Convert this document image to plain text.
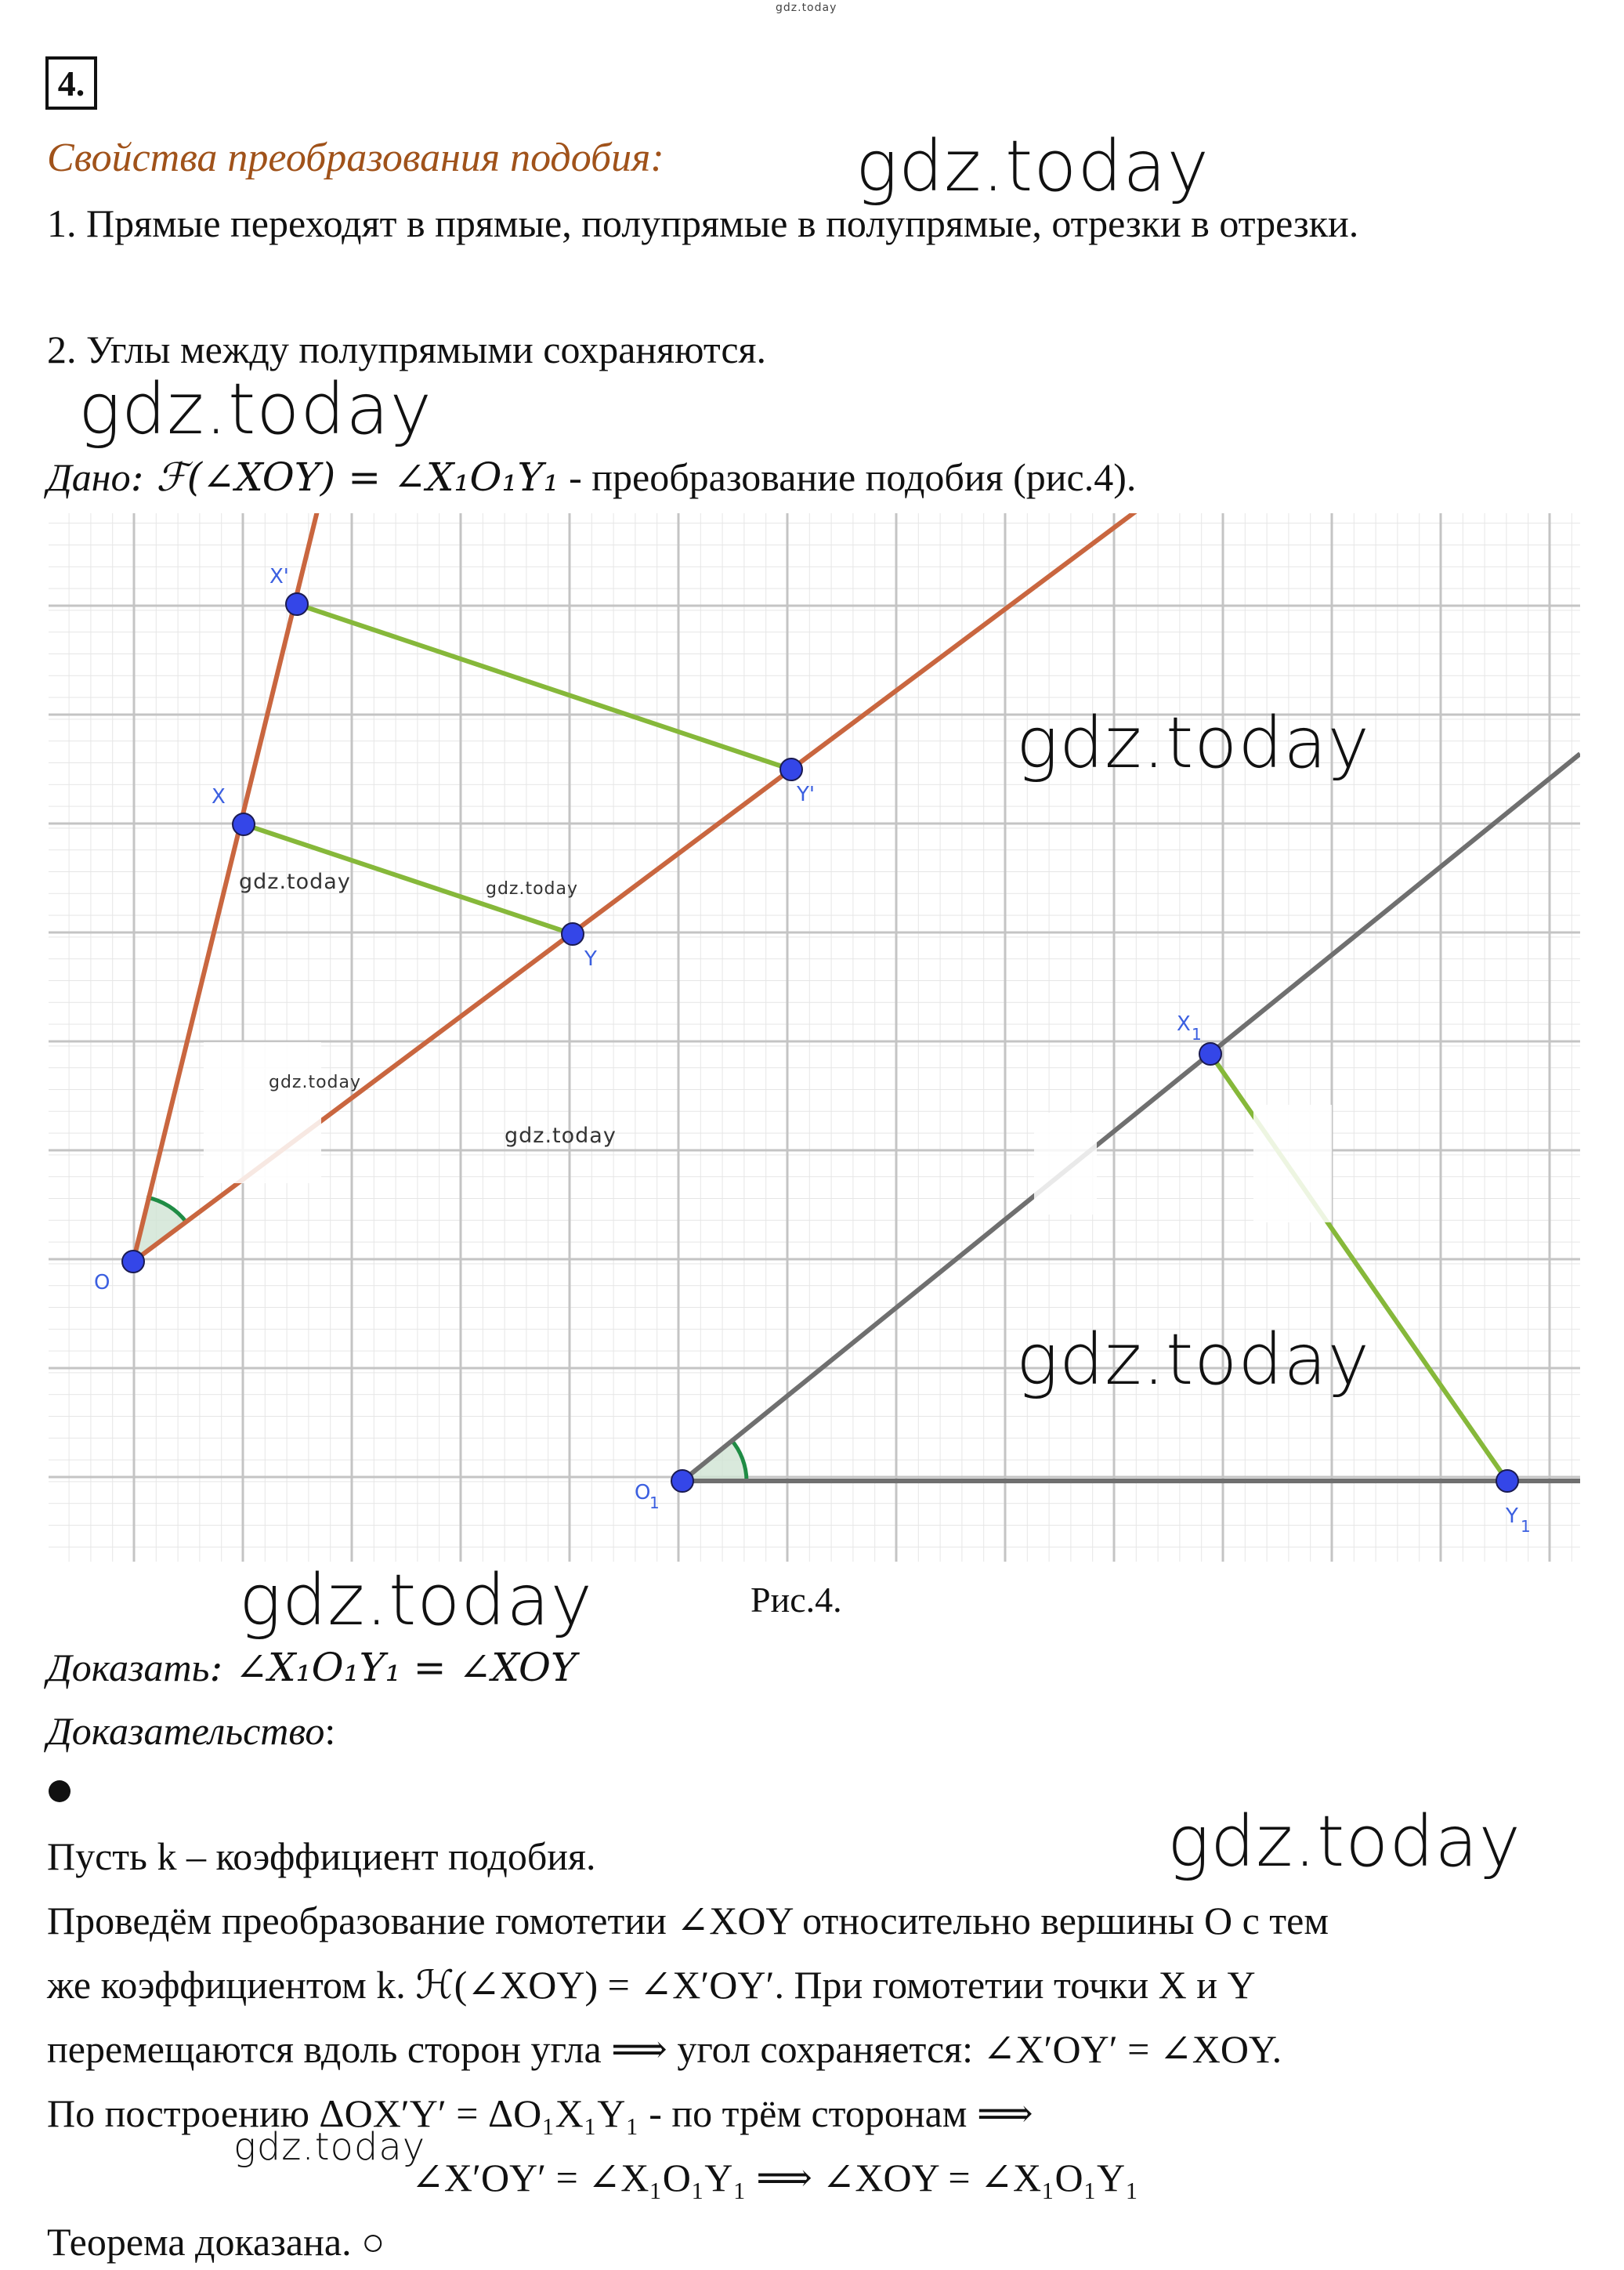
gdz.today
4.
Свойства преобразования подобия:	gdz.today
1. Прямые переходят в прямые, полупрямые в полупрямые, отрезки в отрезки.
2. Углы между полупрямыми сохраняются.
gdz.today
Дано: ℱ(∠XOY) = ∠X₁O₁Y₁ - преобразование подобия (рис.4).
O
X
X'
Y
Y'
O
1
X 1
Y 1
gdz.today
gdz.today	gdz.today
gdz.today
gdz.today
gdz.today
Рис.4.
gdz.today
Доказать: ∠X₁O₁Y₁ = ∠XOY
Доказательство:
gdz.today
Пусть k – коэффициент подобия.
Проведём преобразование гомотетии ∠XOY относительно вершины O с тем
же коэффициентом k. ℋ(∠XOY) = ∠X′OY′. При гомотетии точки X и Y
перемещаются вдоль сторон угла ⟹ угол сохраняется: ∠X′OY′ = ∠XOY.
По построению ΔOX′Y′ = ΔO₁X₁Y₁ - по трём сторонам ⟹
gdz.today
∠X′OY′ = ∠X₁O₁Y₁ ⟹ ∠XOY = ∠X₁O₁Y₁
Теорема доказана. ○
